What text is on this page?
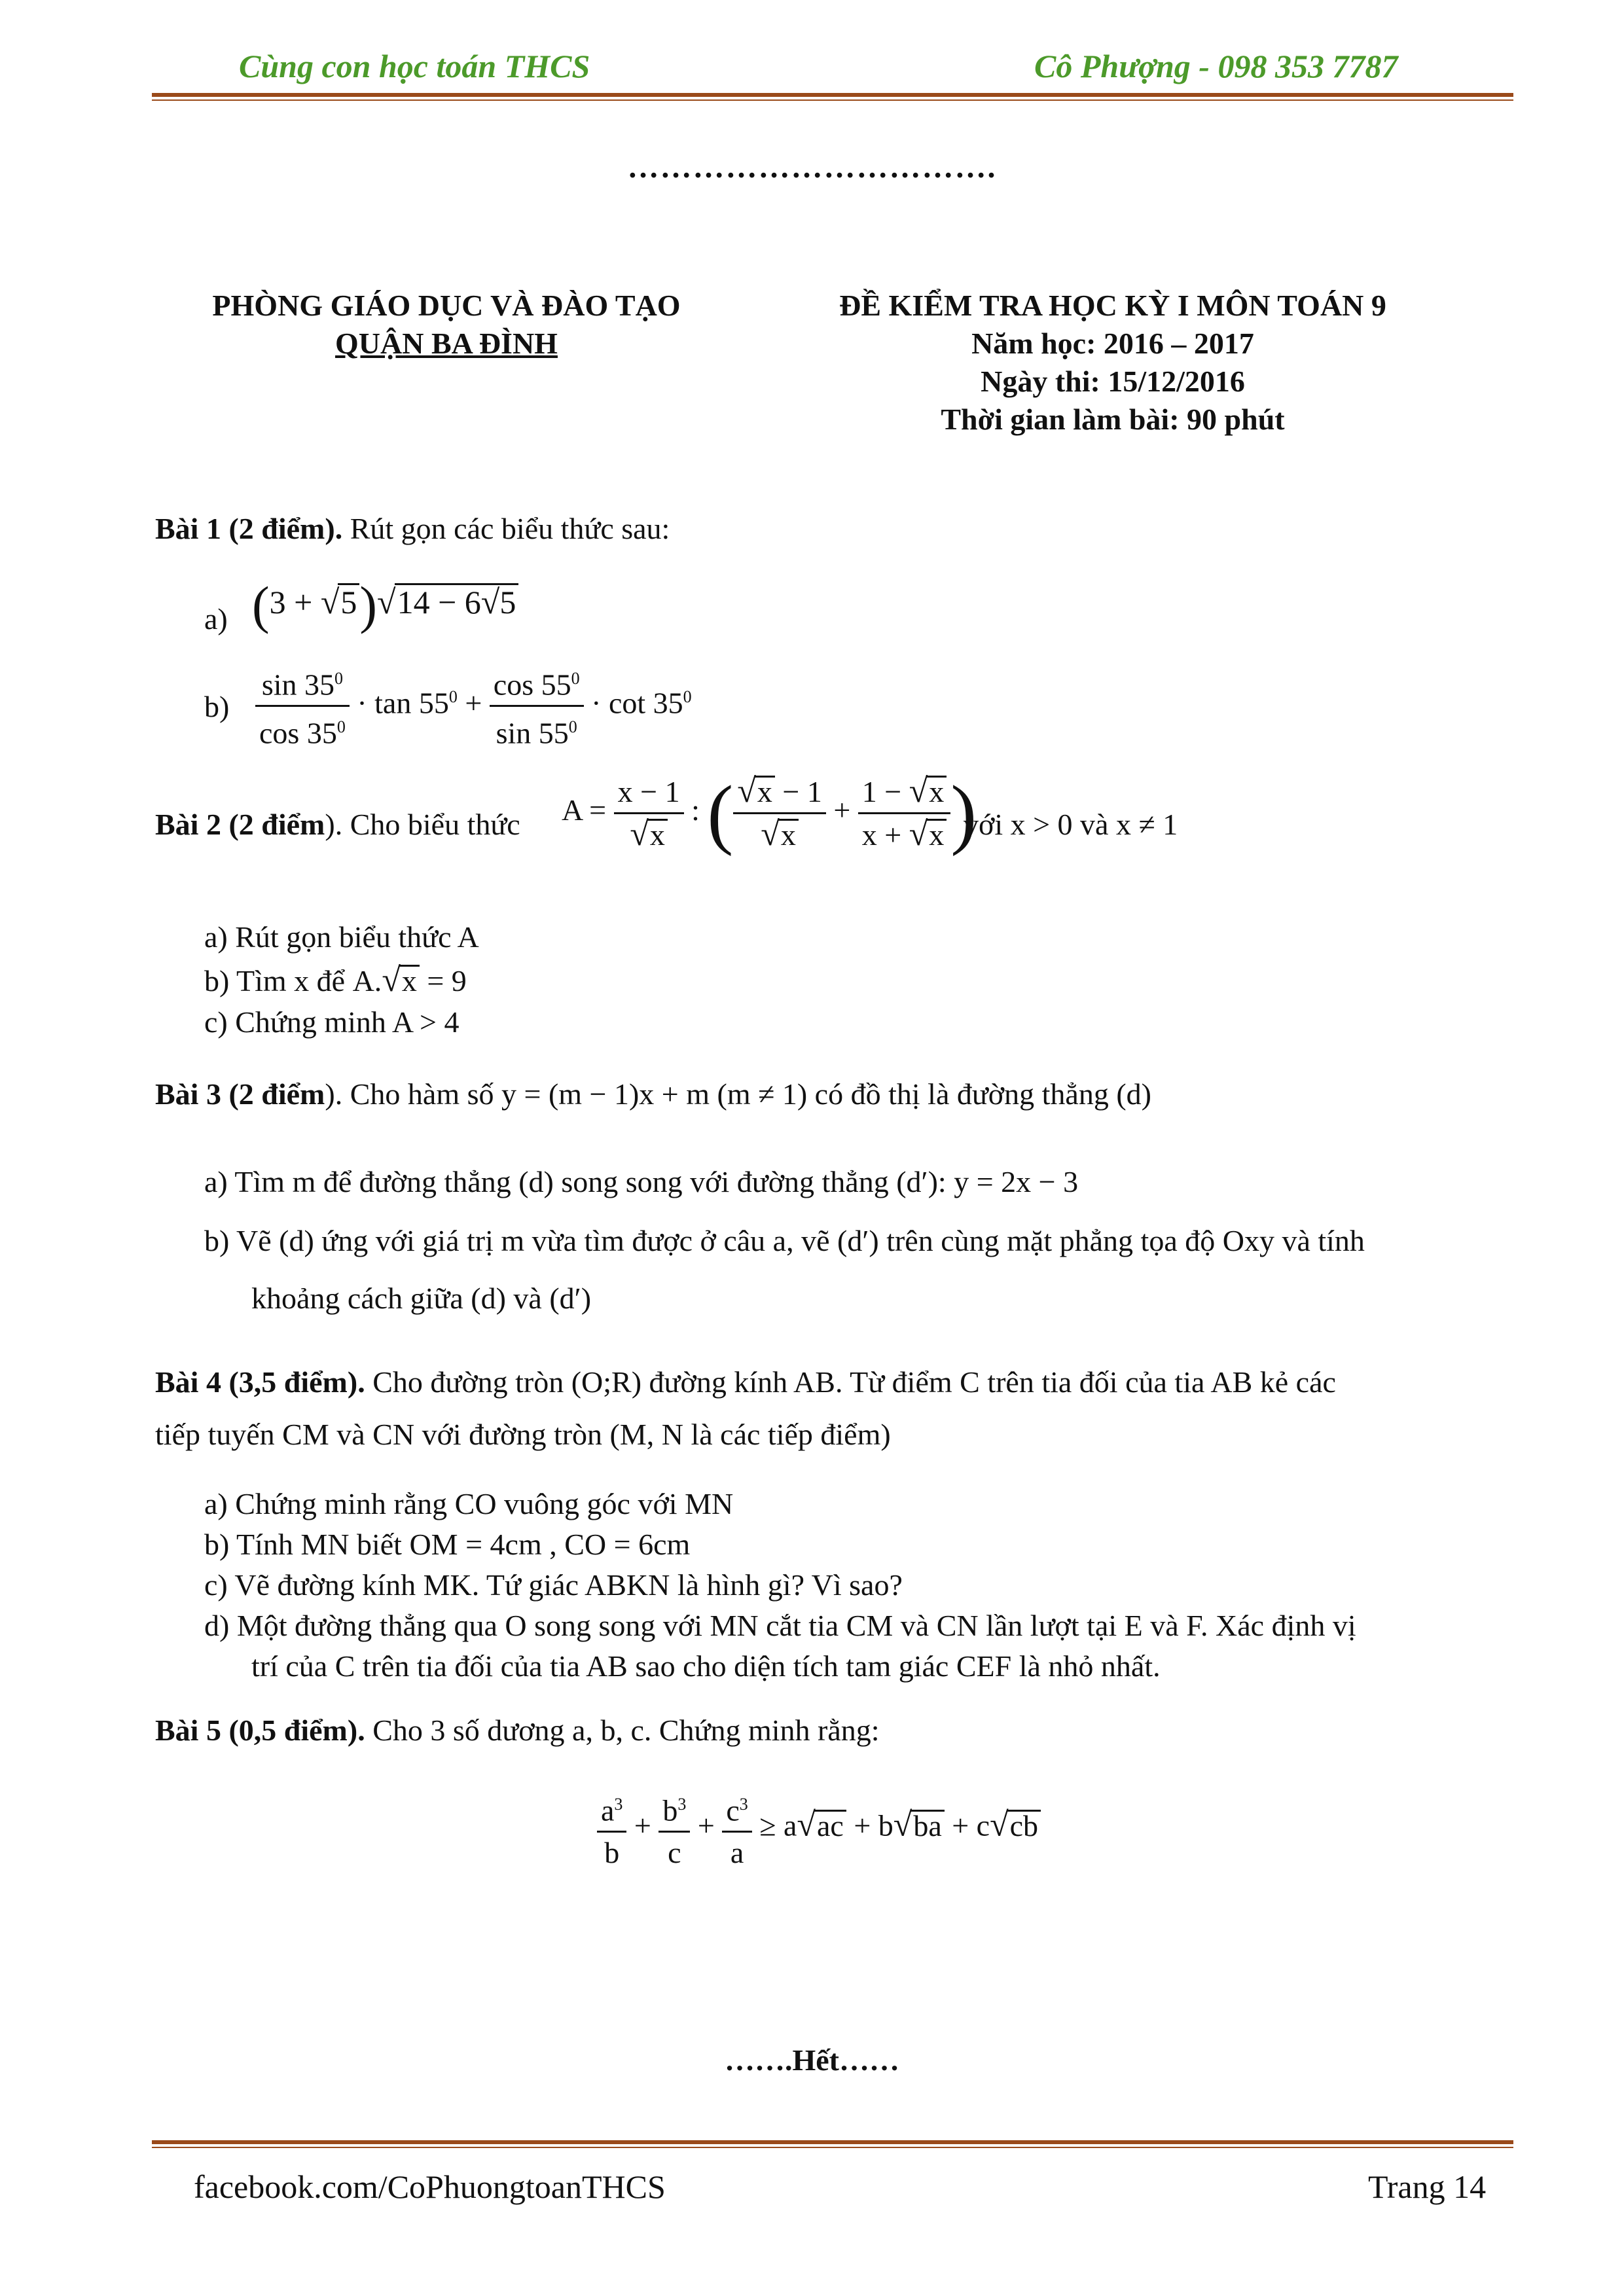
Cùng con học toán THCS	Cô Phượng - 098 353 7787
…………………………….
PHÒNG GIÁO DỤC VÀ ĐÀO TẠO
QUẬN BA ĐÌNH
ĐỀ KIỂM TRA HỌC KỲ I MÔN TOÁN 9
Năm học: 2016 – 2017
Ngày thi: 15/12/2016
Thời gian làm bài: 90 phút
Bài 1 (2 điểm). Rút gọn các biểu thức sau:
a) (3 + √5)√14 − 6√5
$b) \frac{\sin 35^0}{\cos 35^0} \cdot \tan 55^0 + \frac{\cos 55^0}{\sin 55^0} \cdot \cot 35^0$
Bài 2 (2 điểm). Cho biểu thức $A = \frac{x - 1}{√x}$ : ( $\frac{√x - 1}{√x} + \frac{1 - √x}{x + √x}$ )
với x > 0 và x ≠ 1
a) Rút gọn biểu thức A
b) Tìm x để A.√x = 9
c) Chứng minh A > 4
Bài 3 (2 điểm). Cho hàm số y = (m − 1)x + m (m ≠ 1) có đồ thị là đường thẳng (d)
a) Tìm m để đường thẳng (d) song song với đường thẳng (d′): y = 2x − 3
b) Vẽ (d) ứng với giá trị m vừa tìm được ở câu a, vẽ (d′) trên cùng mặt phẳng tọa độ Oxy và tính
khoảng cách giữa (d) và (d′)
Bài 4 (3,5 điểm). Cho đường tròn (O;R) đường kính AB. Từ điểm C trên tia đối của tia AB kẻ các
tiếp tuyến CM và CN với đường tròn (M, N là các tiếp điểm)
a) Chứng minh rằng CO vuông góc với MN
b) Tính MN biết OM = 4cm , CO = 6cm
c) Vẽ đường kính MK. Tứ giác ABKN là hình gì? Vì sao?
d) Một đường thẳng qua O song song với MN cắt tia CM và CN lần lượt tại E và F. Xác định vị
trí của C trên tia đối của tia AB sao cho diện tích tam giác CEF là nhỏ nhất.
Bài 5 (0,5 điểm). Cho 3 số dương a, b, c. Chứng minh rằng:
$\frac{a^3}{b} + \frac{b^3}{c} + \frac{c^3}{a} \ge a√ac + b√ba + c√cb$
…….Hết……
facebook.com/CoPhuongtoanTHCS	Trang 14
